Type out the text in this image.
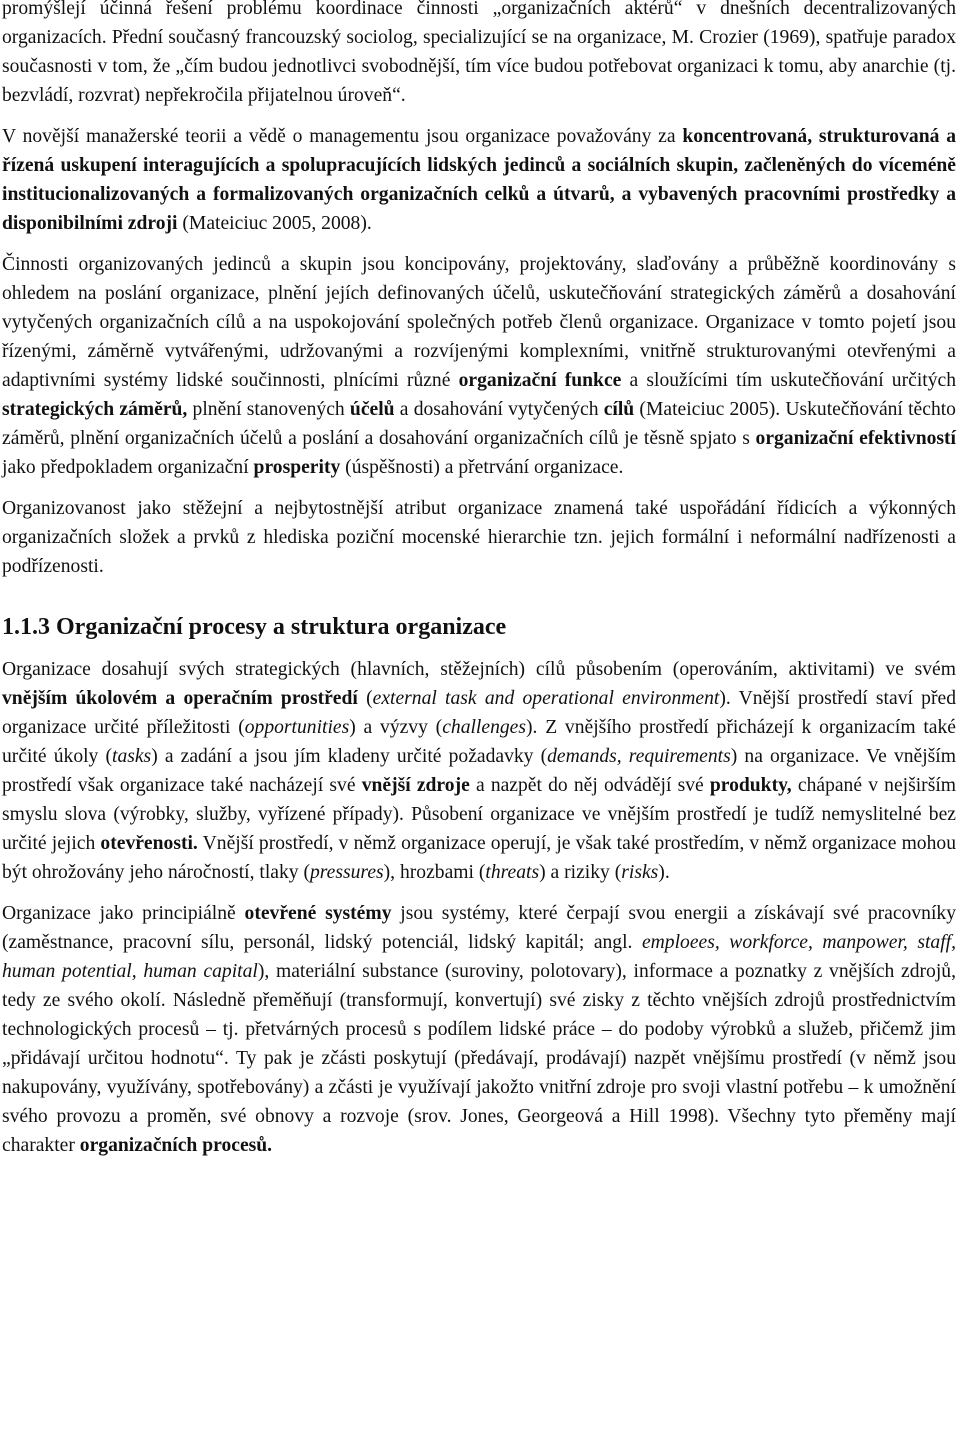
promýšlejí účinná řešení problému koordinace činnosti „organizačních aktérů“ v dnešních decentralizovaných organizacích. Přední současný francouzský sociolog, specializující se na organizace, M. Crozier (1969), spatřuje paradox současnosti v tom, že „čím budou jednotlivci svobodnější, tím více budou potřebovat organizaci k tomu, aby anarchie (tj. bezvládí, rozvrat) nepřekročila přijatelnou úroveň“.

V novější manažerské teorii a vědě o managementu jsou organizace považovány za koncentrovaná, strukturovaná a řízená uskupení interagujících a spolupracujících lidských jedinců a sociálních skupin, začleněných do víceméně institucionalizovaných a formalizovaných organizačních celků a útvarů, a vybavených pracovními prostředky a disponibilními zdroji (Mateiciuc 2005, 2008).

Činnosti organizovaných jedinců a skupin jsou koncipovány, projektovány, slaďovány a průběžně koordinovány s ohledem na poslání organizace, plnění jejích definovaných účelů, uskutečňování strategických záměrů a dosahování vytyčených organizačních cílů a na uspokojování společných potřeb členů organizace. Organizace v tomto pojetí jsou řízenými, záměrně vytvářenými, udržovanými a rozvíjenými komplexními, vnitřně strukturovanými otevřenými a adaptivními systémy lidské součinnosti, plnícími různé organizační funkce a sloužícími tím uskutečňování určitých strategických záměrů, plnění stanovených účelů a dosahování vytyčených cílů (Mateiciuc 2005). Uskutečňování těchto záměrů, plnění organizačních účelů a poslání a dosahování organizačních cílů je těsně spjato s organizační efektivností jako předpokladem organizační prosperity (úspěšnosti) a přetrvání organizace.

Organizovanost jako stěžejní a nejbytostnější atribut organizace znamená také uspořádání řídicích a výkonných organizačních složek a prvků z hlediska poziční mocenské hierarchie tzn. jejich formální i neformální nadřízenosti a podřízenosti.

1.1.3 Organizační procesy a struktura organizace

Organizace dosahují svých strategických (hlavních, stěžejních) cílů působením (operováním, aktivitami) ve svém vnějším úkolovém a operačním prostředí (external task and operational environment). Vnější prostředí staví před organizace určité příležitosti (opportunities) a výzvy (challenges). Z vnějšího prostředí přicházejí k organizacím také určité úkoly (tasks) a zadání a jsou jím kladeny určité požadavky (demands, requirements) na organizace. Ve vnějším prostředí však organizace také nacházejí své vnější zdroje a nazpět do něj odvádějí své produkty, chápané v nejširším smyslu slova (výrobky, služby, vyřízené případy). Působení organizace ve vnějším prostředí je tudíž nemyslitelné bez určité jejich otevřenosti. Vnější prostředí, v němž organizace operují, je však také prostředím, v němž organizace mohou být ohrožovány jeho náročností, tlaky (pressures), hrozbami (threats) a riziky (risks).

Organizace jako principiálně otevřené systémy jsou systémy, které čerpají svou energii a získávají své pracovníky (zaměstnance, pracovní sílu, personál, lidský potenciál, lidský kapitál; angl. emploees, workforce, manpower, staff, human potential, human capital), materiální substance (suroviny, polotovary), informace a poznatky z vnějších zdrojů, tedy ze svého okolí. Následně přeměňují (transformují, konvertují) své zisky z těchto vnějších zdrojů prostřednictvím technologických procesů – tj. přetvárných procesů s podílem lidské práce – do podoby výrobků a služeb, přičemž jim „přidávají určitou hodnotu“. Ty pak je zčásti poskytují (předávají, prodávají) nazpět vnějšímu prostředí (v němž jsou nakupovány, využívány, spotřebovány) a zčásti je využívají jakožto vnitřní zdroje pro svoji vlastní potřebu – k umožnění svého provozu a proměn, své obnovy a rozvoje (srov. Jones, Georgeová a Hill 1998). Všechny tyto přeměny mají charakter organizačních procesů.
